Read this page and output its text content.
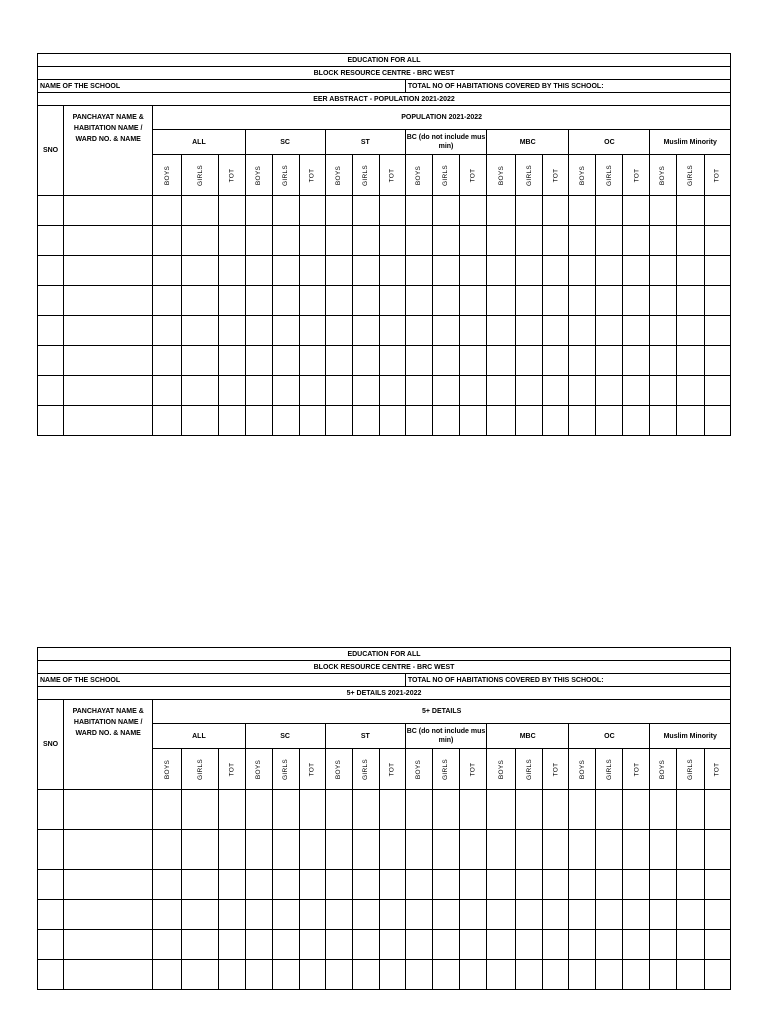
EDUCATION FOR ALL																						
BLOCK RESOURCE CENTRE - BRC WEST																						
NAME OF THE SCHOOL											TOTAL NO OF HABITATIONS COVERED BY THIS SCHOOL:											
EER ABSTRACT - POPULATION 2021-2022																						
SNO	PANCHAYAT NAME & HABITATION NAME / WARD NO. & NAME	POPULATION 2021-2022																				
		ALL			SC			ST			BC (do not include mus min)			MBC			OC			Muslim Minority		
		BOYS	GIRLS	TOT	BOYS	GIRLS	TOT	BOYS	GIRLS	TOT	BOYS	GIRLS	TOT	BOYS	GIRLS	TOT	BOYS	GIRLS	TOT	BOYS	GIRLS	TOT

EDUCATION FOR ALL																						
BLOCK RESOURCE CENTRE - BRC WEST																						
NAME OF THE SCHOOL											TOTAL NO OF HABITATIONS COVERED BY THIS SCHOOL:											
5+ DETAILS 2021-2022																						
SNO	PANCHAYAT NAME & HABITATION NAME / WARD NO. & NAME	5+ DETAILS																				
		ALL			SC			ST			BC (do not include mus min)			MBC			OC			Muslim Minority		
		BOYS	GIRLS	TOT	BOYS	GIRLS	TOT	BOYS	GIRLS	TOT	BOYS	GIRLS	TOT	BOYS	GIRLS	TOT	BOYS	GIRLS	TOT	BOYS	GIRLS	TOT
